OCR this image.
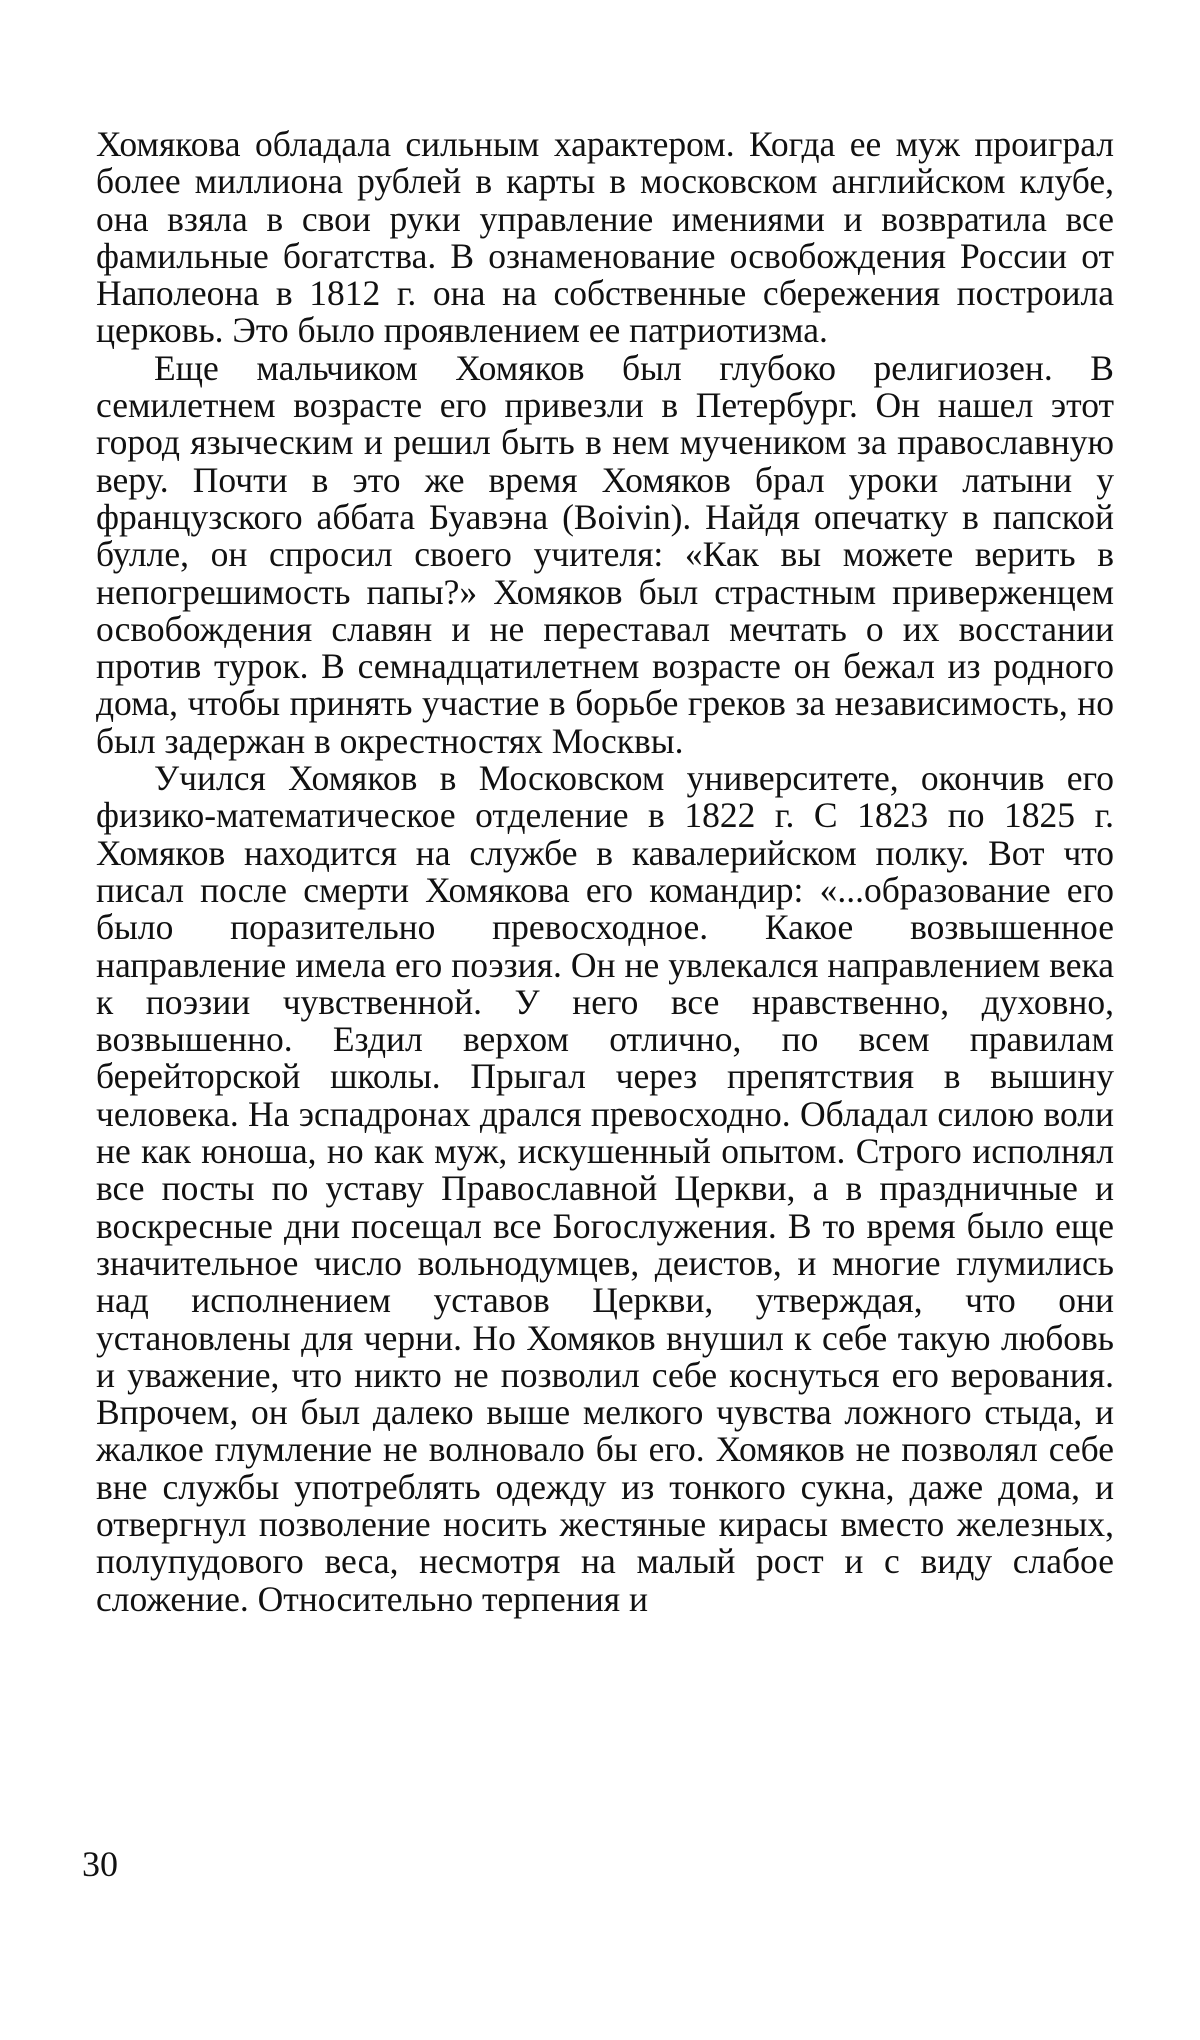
Хомякова обладала сильным характером. Когда ее муж проиграл более миллиона рублей в карты в московском английском клубе, она взяла в свои руки управление имениями и возвратила все фамильные богатства. В ознаменование освобождения России от Наполеона в 1812 г. она на собственные сбережения построила церковь. Это было проявлением ее патриотизма.

Еще мальчиком Хомяков был глубоко религиозен. В семилетнем возрасте его привезли в Петербург. Он нашел этот город языческим и решил быть в нем мучеником за православную веру. Почти в это же время Хомяков брал уроки латыни у французского аббата Буавэна (Boivin). Найдя опечатку в папской булле, он спросил своего учителя: «Как вы можете верить в непогрешимость папы?» Хомяков был страстным приверженцем освобождения славян и не переставал мечтать о их восстании против турок. В семнадцатилетнем возрасте он бежал из родного дома, чтобы принять участие в борьбе греков за независимость, но был задержан в окрестностях Москвы.

Учился Хомяков в Московском университете, окончив его физико-математическое отделение в 1822 г. С 1823 по 1825 г. Хомяков находится на службе в кавалерийском полку. Вот что писал после смерти Хомякова его командир: «...образование его было поразительно превосходное. Какое возвышенное направление имела его поэзия. Он не увлекался направлением века к поэзии чувственной. У него все нравственно, духовно, возвышенно. Ездил верхом отлично, по всем правилам берейторской школы. Прыгал через препятствия в вышину человека. На эспадронах дрался превосходно. Обладал силою воли не как юноша, но как муж, искушенный опытом. Строго исполнял все посты по уставу Православной Церкви, а в праздничные и воскресные дни посещал все Богослужения. В то время было еще значительное число вольнодумцев, деистов, и многие глумились над исполнением уставов Церкви, утверждая, что они установлены для черни. Но Хомяков внушил к себе такую любовь и уважение, что никто не позволил себе коснуться его верования. Впрочем, он был далеко выше мелкого чувства ложного стыда, и жалкое глумление не волновало бы его. Хомяков не позволял себе вне службы употреблять одежду из тонкого сукна, даже дома, и отвергнул позволение носить жестяные кирасы вместо железных, полупудового веса, несмотря на малый рост и с виду слабое сложение. Относительно терпения и

30
